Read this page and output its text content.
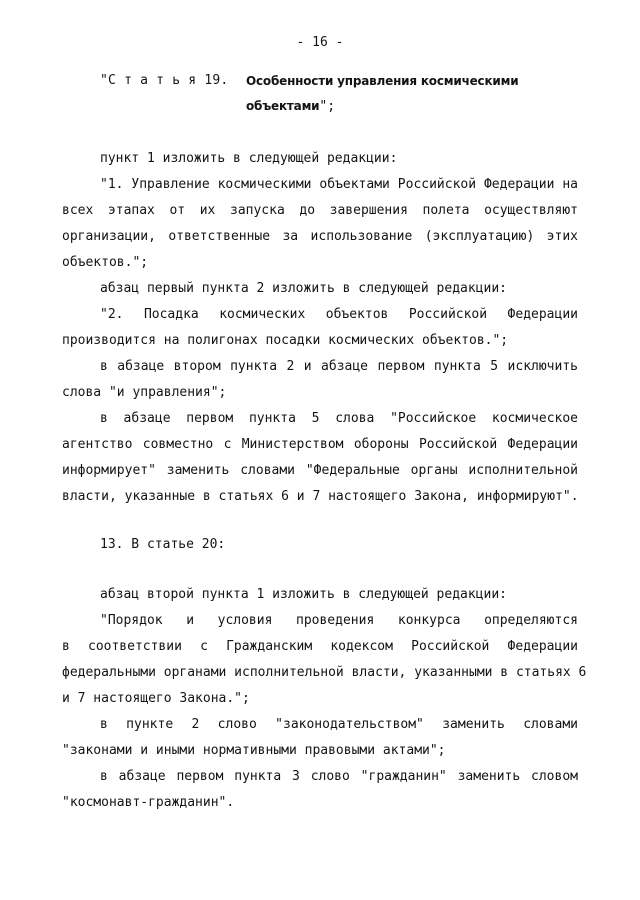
- 16 -
"С т а т ь я 19. Особенности управления космическими
объектами";
пункт 1 изложить в следующей редакции:
"1. Управление космическими объектами Российской Федерации на
всех этапах от их запуска до завершения полета осуществляют
организации, ответственные за использование (эксплуатацию) этих
объектов.";
абзац первый пункта 2 изложить в следующей редакции:
"2. Посадка космических объектов Российской Федерации
производится на полигонах посадки космических объектов.";
в абзаце втором пункта 2 и абзаце первом пункта 5 исключить
слова "и управления";
в абзаце первом пункта 5 слова "Российское космическое
агентство совместно с Министерством обороны Российской Федерации
информирует" заменить словами "Федеральные органы исполнительной
власти, указанные в статьях 6 и 7 настоящего Закона, информируют".
13. В статье 20:
абзац второй пункта 1 изложить в следующей редакции:
"Порядок и условия проведения конкурса определяются
в соответствии с Гражданским кодексом Российской Федерации
федеральными органами исполнительной власти, указанными в статьях 6
и 7 настоящего Закона.";
в пункте 2 слово "законодательством" заменить словами
"законами и иными нормативными правовыми актами";
в абзаце первом пункта 3 слово "гражданин" заменить словом
"космонавт-гражданин".
